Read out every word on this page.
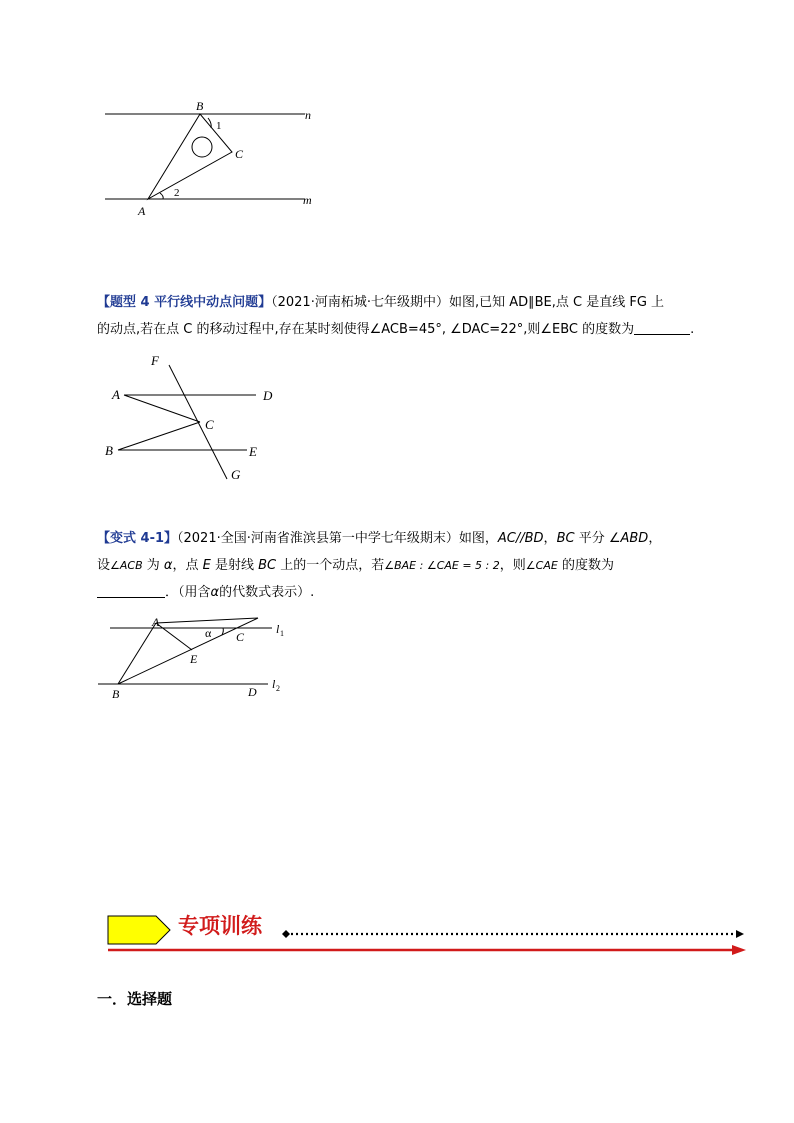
B
n
1
C
2
A
m
【题型 4 平行线中动点问题】（2021·河南柘城·七年级期中）如图,已知 AD∥BE,点 C 是直线 FG 上
的动点,若在点 C 的移动过程中,存在某时刻使得∠ACB=45°, ∠DAC=22°,则∠EBC 的度数为	.
F
A	D
C
B	E
G
【变式 4-1】（2021·全国·河南省淮滨县第一中学七年级期末）如图，AC//BD，BC 平分 ∠ABD，
设∠ACB 为 α，点 E 是射线 BC 上的一个动点，若∠BAE : ∠CAE = 5 : 2，则∠CAE 的度数为
．（用含α的代数式表示）.
A
α C
l 1
E
B	D
l 2
专项训练
一．选择题
